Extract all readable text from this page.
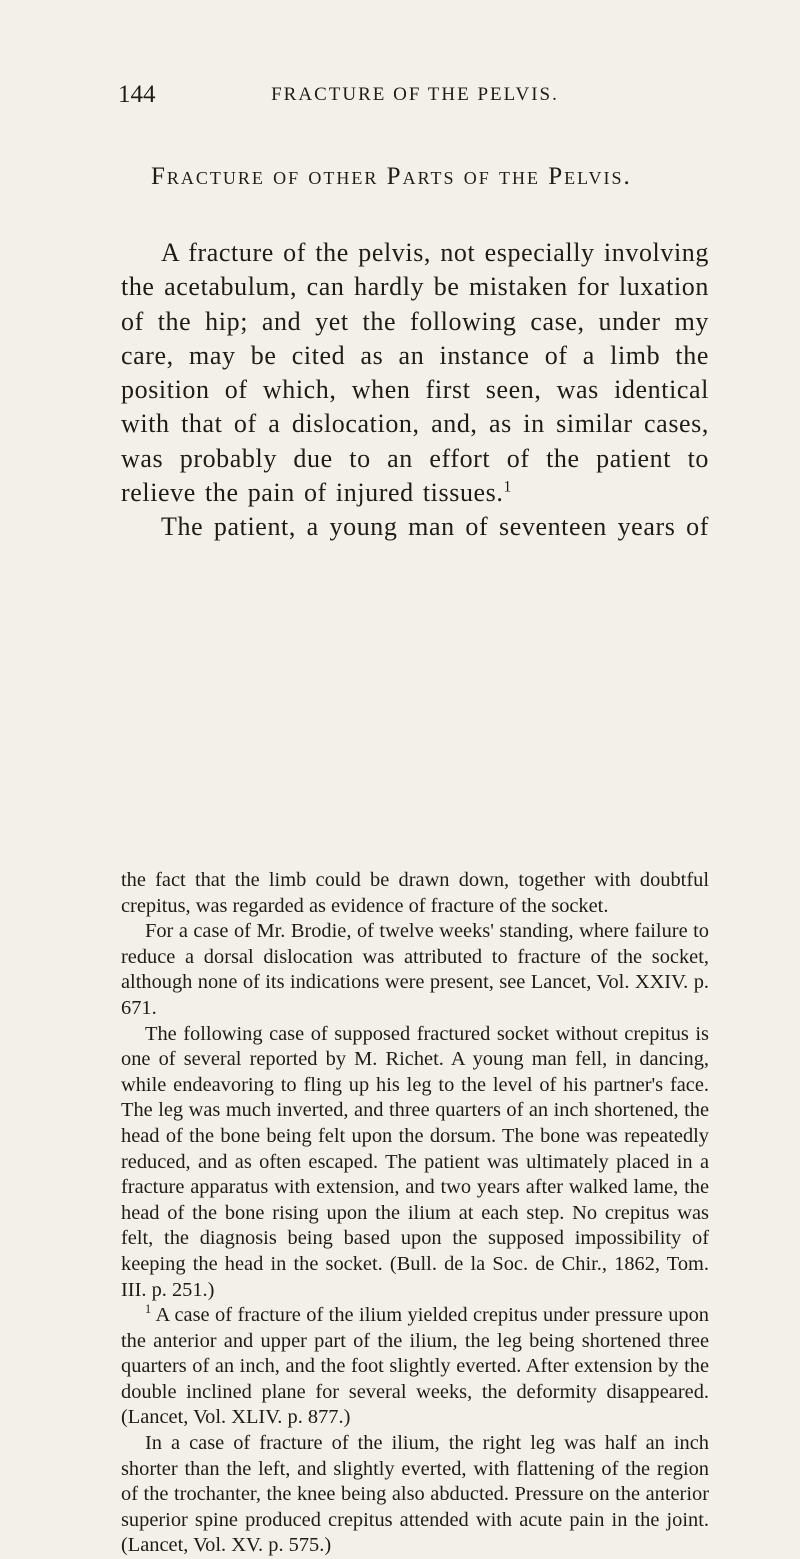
144	FRACTURE OF THE PELVIS.
Fracture of other Parts of the Pelvis.

A fracture of the pelvis, not especially involving the acetabulum, can hardly be mistaken for luxation of the hip; and yet the following case, under my care, may be cited as an instance of a limb the position of which, when first seen, was identical with that of a dislocation, and, as in similar cases, was probably due to an effort of the patient to relieve the pain of injured tissues.$^1$

The patient, a young man of seventeen years of

the fact that the limb could be drawn down, together with doubtful crepitus, was regarded as evidence of fracture of the socket.

For a case of Mr. Brodie, of twelve weeks' standing, where failure to reduce a dorsal dislocation was attributed to fracture of the socket, although none of its indications were present, see Lancet, Vol. XXIV. p. 671.

The following case of supposed fractured socket without crepitus is one of several reported by M. Richet. A young man fell, in dancing, while endeavoring to fling up his leg to the level of his partner's face. The leg was much inverted, and three quarters of an inch shortened, the head of the bone being felt upon the dorsum. The bone was repeatedly reduced, and as often escaped. The patient was ultimately placed in a fracture apparatus with extension, and two years after walked lame, the head of the bone rising upon the ilium at each step. No crepitus was felt, the diagnosis being based upon the supposed impossibility of keeping the head in the socket. (Bull. de la Soc. de Chir., 1862, Tom. III. p. 251.)

$^1$ A case of fracture of the ilium yielded crepitus under pressure upon the anterior and upper part of the ilium, the leg being shortened three quarters of an inch, and the foot slightly everted. After extension by the double inclined plane for several weeks, the deformity disappeared. (Lancet, Vol. XLIV. p. 877.)

In a case of fracture of the ilium, the right leg was half an inch shorter than the left, and slightly everted, with flattening of the region of the trochanter, the knee being also abducted. Pressure on the anterior superior spine produced crepitus attended with acute pain in the joint. (Lancet, Vol. XV. p. 575.)
